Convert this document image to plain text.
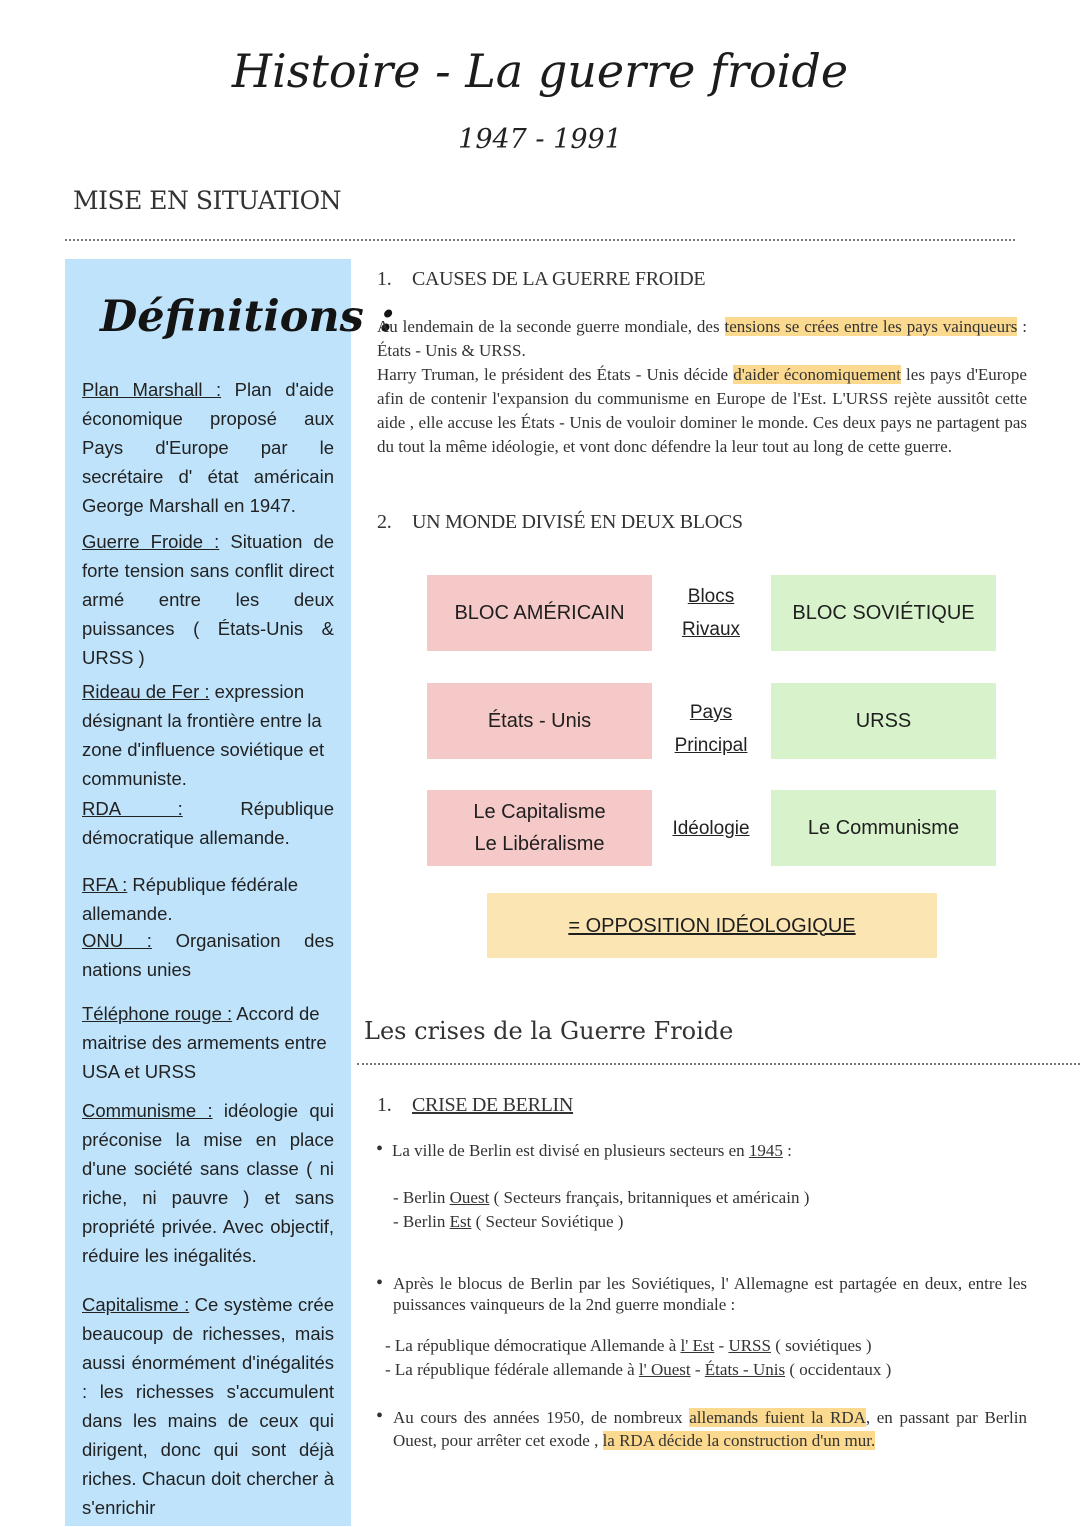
Histoire - La guerre froide
1947 - 1991
MISE EN SITUATION
Définitions :
Plan Marshall : Plan d'aide économique proposé aux Pays d'Europe par le secrétaire d' état américain George Marshall en 1947.
Guerre Froide : Situation de forte tension sans conflit direct armé entre les deux puissances ( États-Unis & URSS )
Rideau de Fer : expression désignant la frontière entre la zone d'influence soviétique et communiste.
RDA : République démocratique allemande.
RFA : République fédérale allemande.
ONU : Organisation des nations unies
Téléphone rouge : Accord de maitrise des armements entre USA et URSS
Communisme : idéologie qui préconise la mise en place d'une société sans classe ( ni riche, ni pauvre ) et sans propriété privée. Avec objectif, réduire les inégalités.
Capitalisme : Ce système crée beaucoup de richesses, mais aussi énormément d'inégalités : les richesses s'accumulent dans les mains de ceux qui dirigent, donc qui sont déjà riches. Chacun doit chercher à s'enrichir
1. CAUSES DE LA GUERRE FROIDE
Au lendemain de la seconde guerre mondiale, des tensions se crées entre les pays vainqueurs : États - Unis & URSS.
Harry Truman, le président des États - Unis décide d'aider économiquement les pays d'Europe afin de contenir l'expansion du communisme en Europe de l'Est. L'URSS rejète aussitôt cette aide , elle accuse les États - Unis de vouloir dominer le monde. Ces deux pays ne partagent pas du tout la même idéologie, et vont donc défendre la leur tout au long de cette guerre.
2. UN MONDE DIVISÉ EN DEUX BLOCS
BLOC AMÉRICAIN
Blocs
Rivaux
BLOC SOVIÉTIQUE
États - Unis	Pays
Principal
URSS
Le Capitalisme
Le Libéralisme
Idéologie	Le Communisme
= OPPOSITION IDÉOLOGIQUE
Les crises de la Guerre Froide
1. CRISE DE BERLIN
• La ville de Berlin est divisé en plusieurs secteurs en 1945 :
- Berlin Ouest ( Secteurs français, britanniques et américain )
- Berlin Est ( Secteur Soviétique )
• Après le blocus de Berlin par les Soviétiques, l' Allemagne est partagée en deux, entre les puissances vainqueurs de la 2nd guerre mondiale :
- La république démocratique Allemande à l' Est - URSS ( soviétiques )
- La république fédérale allemande à l' Ouest - États - Unis ( occidentaux )
• Au cours des années 1950, de nombreux allemands fuient la RDA, en passant par Berlin Ouest, pour arrêter cet exode , la RDA décide la construction d'un mur.
